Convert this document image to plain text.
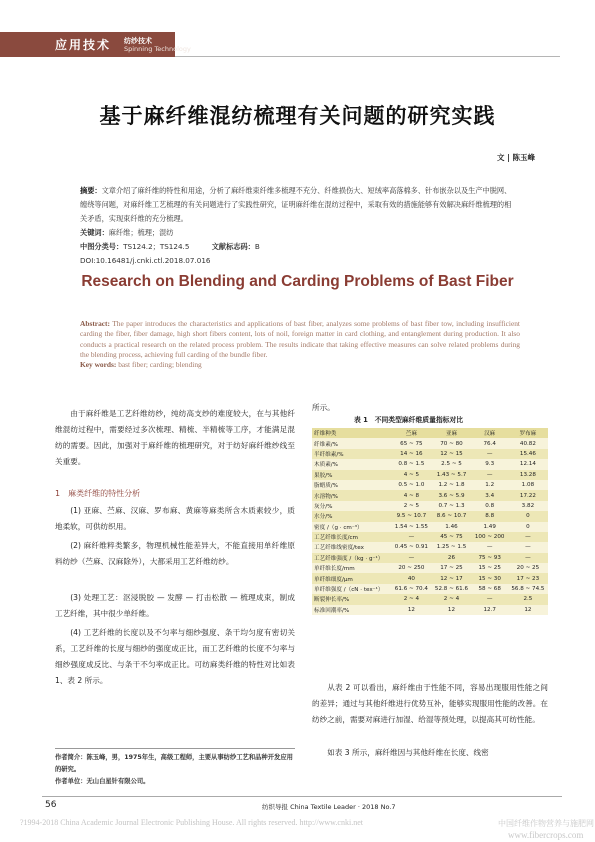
应用技术 纺纱技术
Spinning Technology
基于麻纤维混纺梳理有关问题的研究实践
文 | 陈玉峰
摘要：文章介绍了麻纤维的特性和用途，分析了麻纤维束纤维多梳理不充分、纤维损伤大、短绒率高落棉多、针布嵌杂以及生产中脱网、缠绕等问题，对麻纤维工艺梳理的有关问题进行了实践性研究，证明麻纤维在混纺过程中，采取有效的措施能够有效解决麻纤维梳理的相关矛盾，实现束纤维的充分梳理。
关键词：麻纤维；梳理；混纺
中图分类号：TS124.2；TS124.5	文献标志码：B
DOI:10.16481/j.cnki.ctl.2018.07.016
Research on Blending and Carding Problems of Bast Fiber
Abstract: The paper introduces the characteristics and applications of bast fiber, analyzes some problems of bast fiber tow, including insufficient carding the fiber, fiber damage, high short fibers content, lots of noil, foreign matter in card clothing, and entanglement during production. It also conducts a practical research on the related process problem. The results indicate that taking effective measures can solve related problems during the blending process, achieving full carding of the bundle fiber.
Key words: bast fiber; carding; blending
由于麻纤维是工艺纤维纺纱，纯纺高支纱的难度较大，在与其他纤维混纺过程中，需要经过多次梳理、精梳、半精梳等工序，才能满足混纺的需要。因此，加强对于麻纤维的梳理研究，对于纺好麻纤维纱线至关重要。
1　麻类纤维的特性分析
(1) 亚麻、苎麻、汉麻、罗布麻、黄麻等麻类所含木质素较少，质地柔软，可供纺织用。
(2) 麻纤维粹类繁多，物理机械性能差异大，不能直接用单纤维原料纺纱（苎麻、汉麻除外），大都采用工艺纤维纺纱。
(3) 处理工艺：沤浸脱胶 — 发酵 — 打击松散 — 梳理成束，制成工艺纤维，其中很少单纤维。
(4) 工艺纤维的长度以及不匀率与细纱强度、条干均匀度有密切关系，工艺纤维的长度与细纱的强度成正比，而工艺纤维的长度不匀率与细纱强度成反比、与条干不匀率成正比。可纺麻类纤维的特性对比如表 1、表 2 所示。
作者简介：陈玉峰，男，1975年生，高级工程师，主要从事纺纱工艺和品种开发应用的研究。
作者单位：无山白星针有限公司。
所示。
表 1　不同类型麻纤维质量指标对比
纤维种类	苎麻	亚麻	汉麻	罗布麻
纤维素/%	65 ~ 75	70 ~ 80	76.4	40.82
半纤维素/%	14 ~ 16	12 ~ 15	—	15.46
木质素/%	0.8 ~ 1.5	2.5 ~ 5	9.3	12.14
果胶/%	4 ~ 5	1.43 ~ 5.7	—	13.28
脂蜡质/%	0.5 ~ 1.0	1.2 ~ 1.8	1.2	1.08
水溶物/%	4 ~ 8	3.6 ~ 5.9	3.4	17.22
灰分/%	2 ~ 5	0.7 ~ 1.3	0.8	3.82
水分/%	9.5 ~ 10.7	8.6 ~ 10.7	8.8	0
密度 /（g · cm⁻³）	1.54 ~ 1.55	1.46	1.49	0
工艺纤维长度/cm	—	45 ~ 75	100 ~ 200	—
工艺纤维线密度/tex	0.45 ~ 0.91	1.25 ~ 1.5	—	—
工艺纤维强度 /（kg · g⁻¹）	—	26	75 ~ 93	—
单纤维长度/mm	20 ~ 250	17 ~ 25	15 ~ 25	20 ~ 25
单纤维细度/μm	40	12 ~ 17	15 ~ 30	17 ~ 23
单纤维强度 /（cN · tex⁻¹）	61.6 ~ 70.4	52.8 ~ 61.6	58 ~ 68	56.8 ~ 74.5
断裂伸长率/%	2 ~ 4	2 ~ 4	—	2.5
标准回潮率/%	12	12	12.7	12
从表 2 可以看出，麻纤维由于性能不同，容易出现服用性能之间的差异；通过与其他纤维进行优势互补，能够实现服用性能的改善。在纺纱之前，需要对麻进行加湿、给湿等预处理，以提高其可纺性能。
如表 3 所示，麻纤维因与其他纤维在长度、线密
56	纺织导报 China Textile Leader · 2018 No.7
?1994-2018 China Academic Journal Electronic Publishing House. All rights reserved. http://www.cnki.net	中国纤维作物营养与施肥网
www.fibercrops.com
